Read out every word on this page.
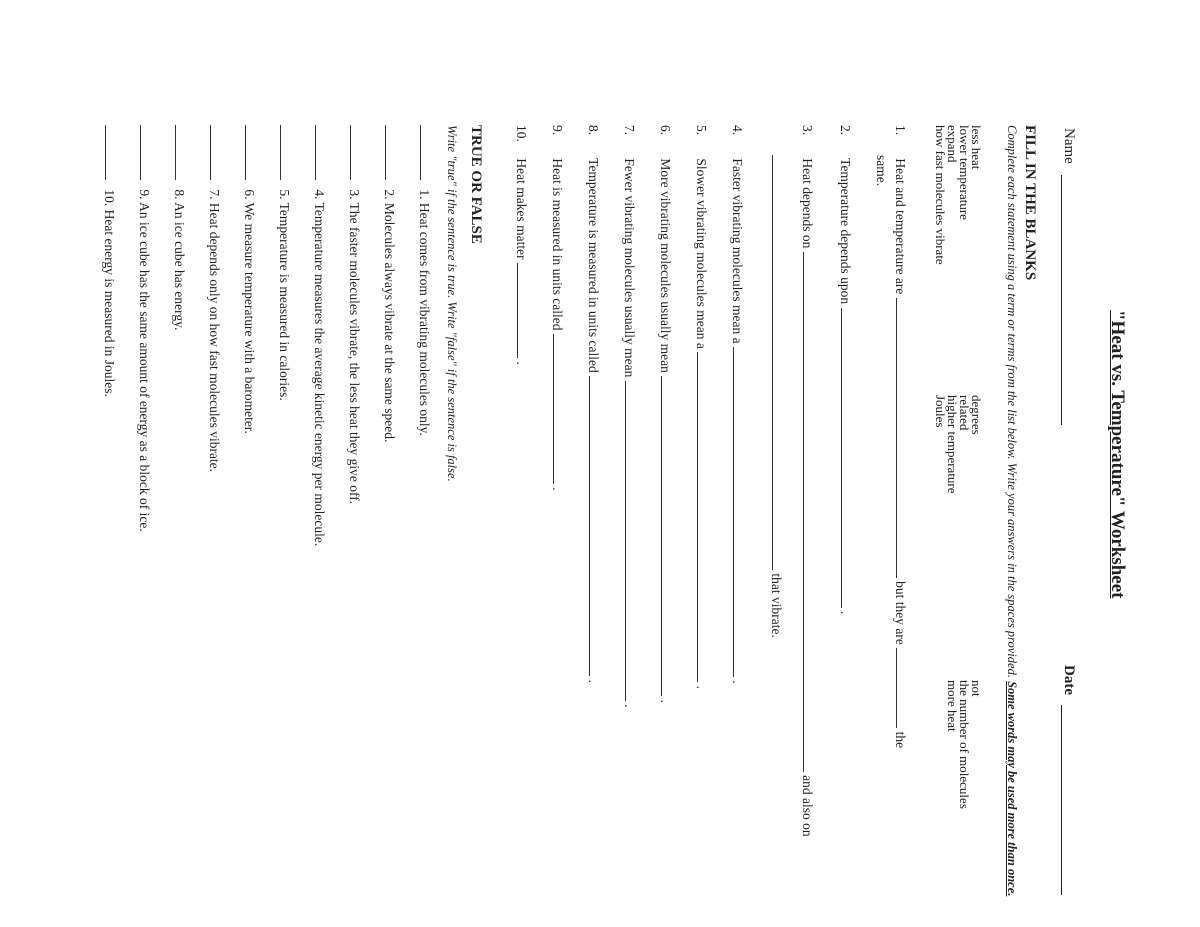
"Heat vs. Temperature" Worksheet
Name
Date
FILL IN THE BLANKS
Complete each statement using a term or terms from the list below. Write your answers in the spaces provided. Some words may be used more than once.
less heat
degrees
not
lower temperature
related
the number of molecules
expand
higher temperature
more heat
how fast molecules vibrate
Joules
1. Heat and temperature are  but they are  the
same.
2. Temperature depends upon  .
3. Heat depends on  and also on
that vibrate.
4. Faster vibrating molecules mean a  .
5. Slower vibrating molecules mean a  .
6. More vibrating molecules usually mean  .
7. Fewer vibrating molecules usually mean  .
8. Temperature is measured in units called  .
9. Heat is measured in units called  .
10. Heat makes matter  .
TRUE OR FALSE
Write "true" if the sentence is true. Write "false" if the sentence is false.
1. Heat comes from vibrating molecules only.
2. Molecules always vibrate at the same speed.
3. The faster molecules vibrate, the less heat they give off.
4. Temperature measures the average kinetic energy per molecule.
5. Temperature is measured in calories.
6. We measure temperature with a barometer.
7. Heat depends only on how fast molecules vibrate.
8. An ice cube has energy.
9. An ice cube has the same amount of energy as a block of ice.
10. Heat energy is measured in Joules.
